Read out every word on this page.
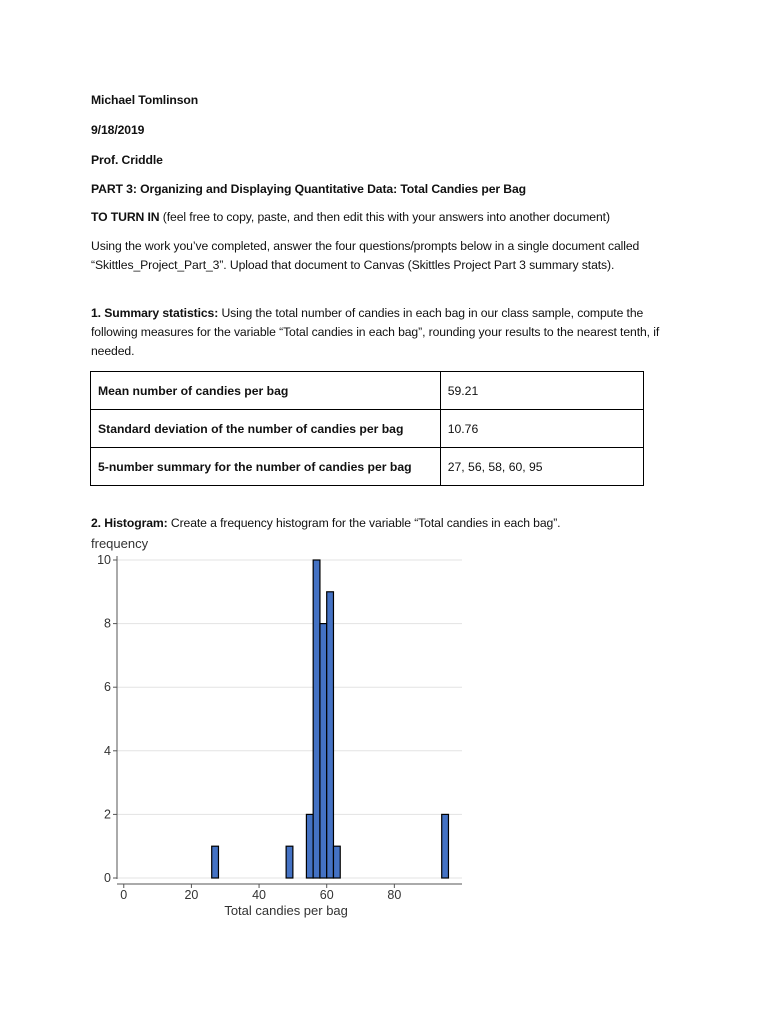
Michael Tomlinson
9/18/2019
Prof. Criddle
PART 3: Organizing and Displaying Quantitative Data: Total Candies per Bag
TO TURN IN (feel free to copy, paste, and then edit this with your answers into another document)
Using the work you’ve completed, answer the four questions/prompts below in a single document called “Skittles_Project_Part_3”. Upload that document to Canvas (Skittles Project Part 3 summary stats).
1. Summary statistics: Using the total number of candies in each bag in our class sample, compute the following measures for the variable “Total candies in each bag”, rounding your results to the nearest tenth, if needed.
Mean number of candies per bag	59.21
Standard deviation of the number of candies per bag	10.76
5-number summary for the number of candies per bag	27, 56, 58, 60, 95
2. Histogram: Create a frequency histogram for the variable “Total candies in each bag”.
0
2
4
6
8
10
0	20	40	60	80
frequency
Total candies per bag
